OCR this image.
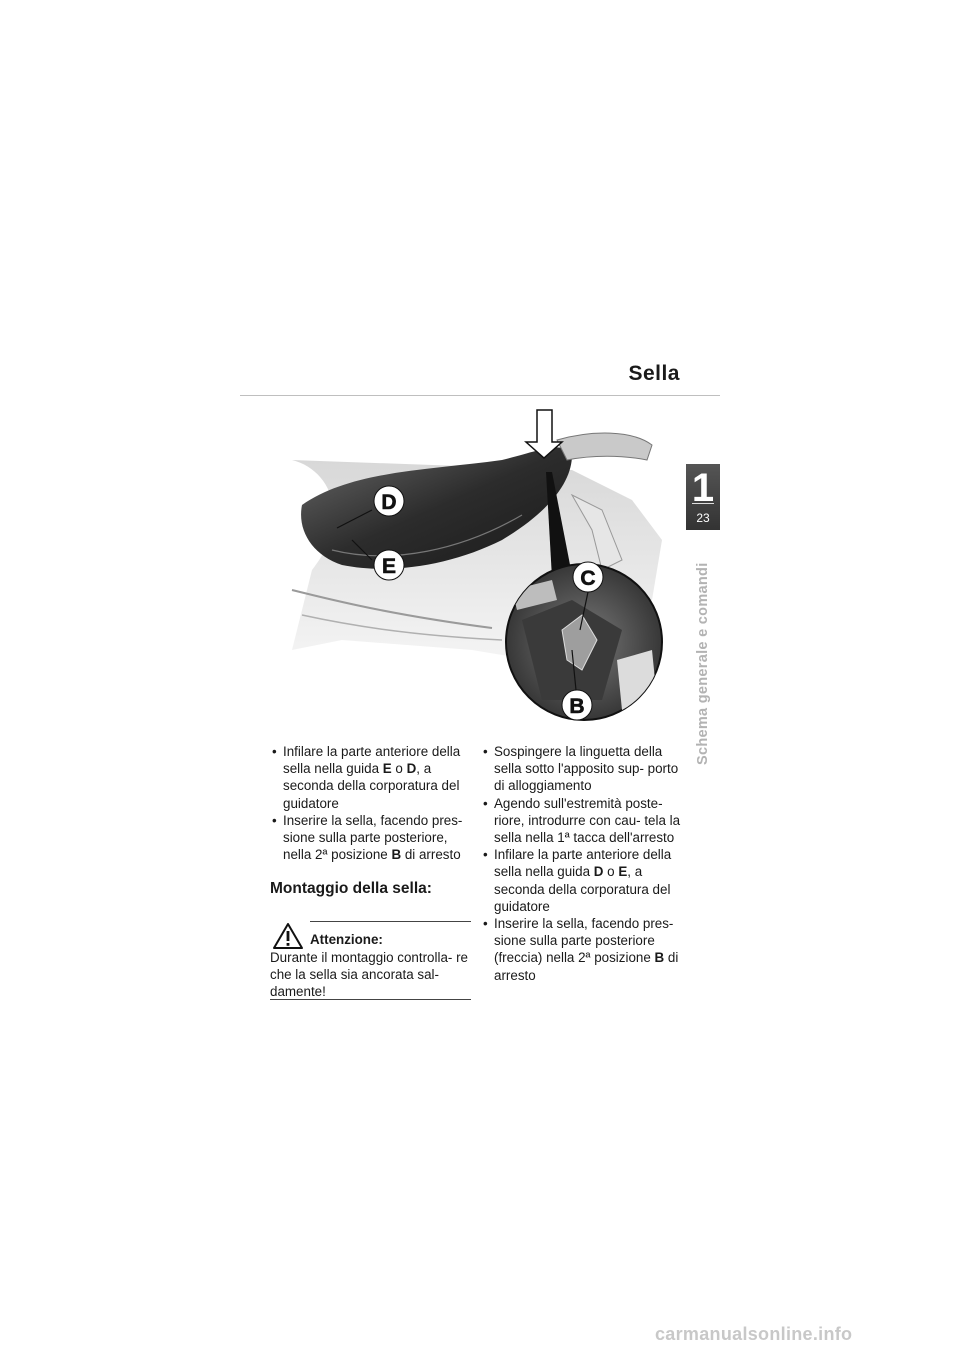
Sella
1
23
Schema generale e comandi
D
E
C
B

• Infilare la parte anteriore della sella nella guida E o D, a seconda della corporatura del guidatore

• Inserire la sella, facendo pres- sione sulla parte posteriore, nella 2ª posizione B di arresto

Montaggio della sella:
Attenzione:
Durante il montaggio controlla- re che la sella sia ancorata sal- damente!

• Sospingere la linguetta della sella sotto l'apposito sup- porto di alloggiamento

• Agendo sull'estremità poste- riore, introdurre con cau- tela la sella nella 1ª tacca dell'arresto

• Infilare la parte anteriore della sella nella guida D o E, a seconda della corporatura del guidatore

• Inserire la sella, facendo pres- sione sulla parte posteriore (freccia) nella 2ª posizione B di arresto

carmanualsonline.info
